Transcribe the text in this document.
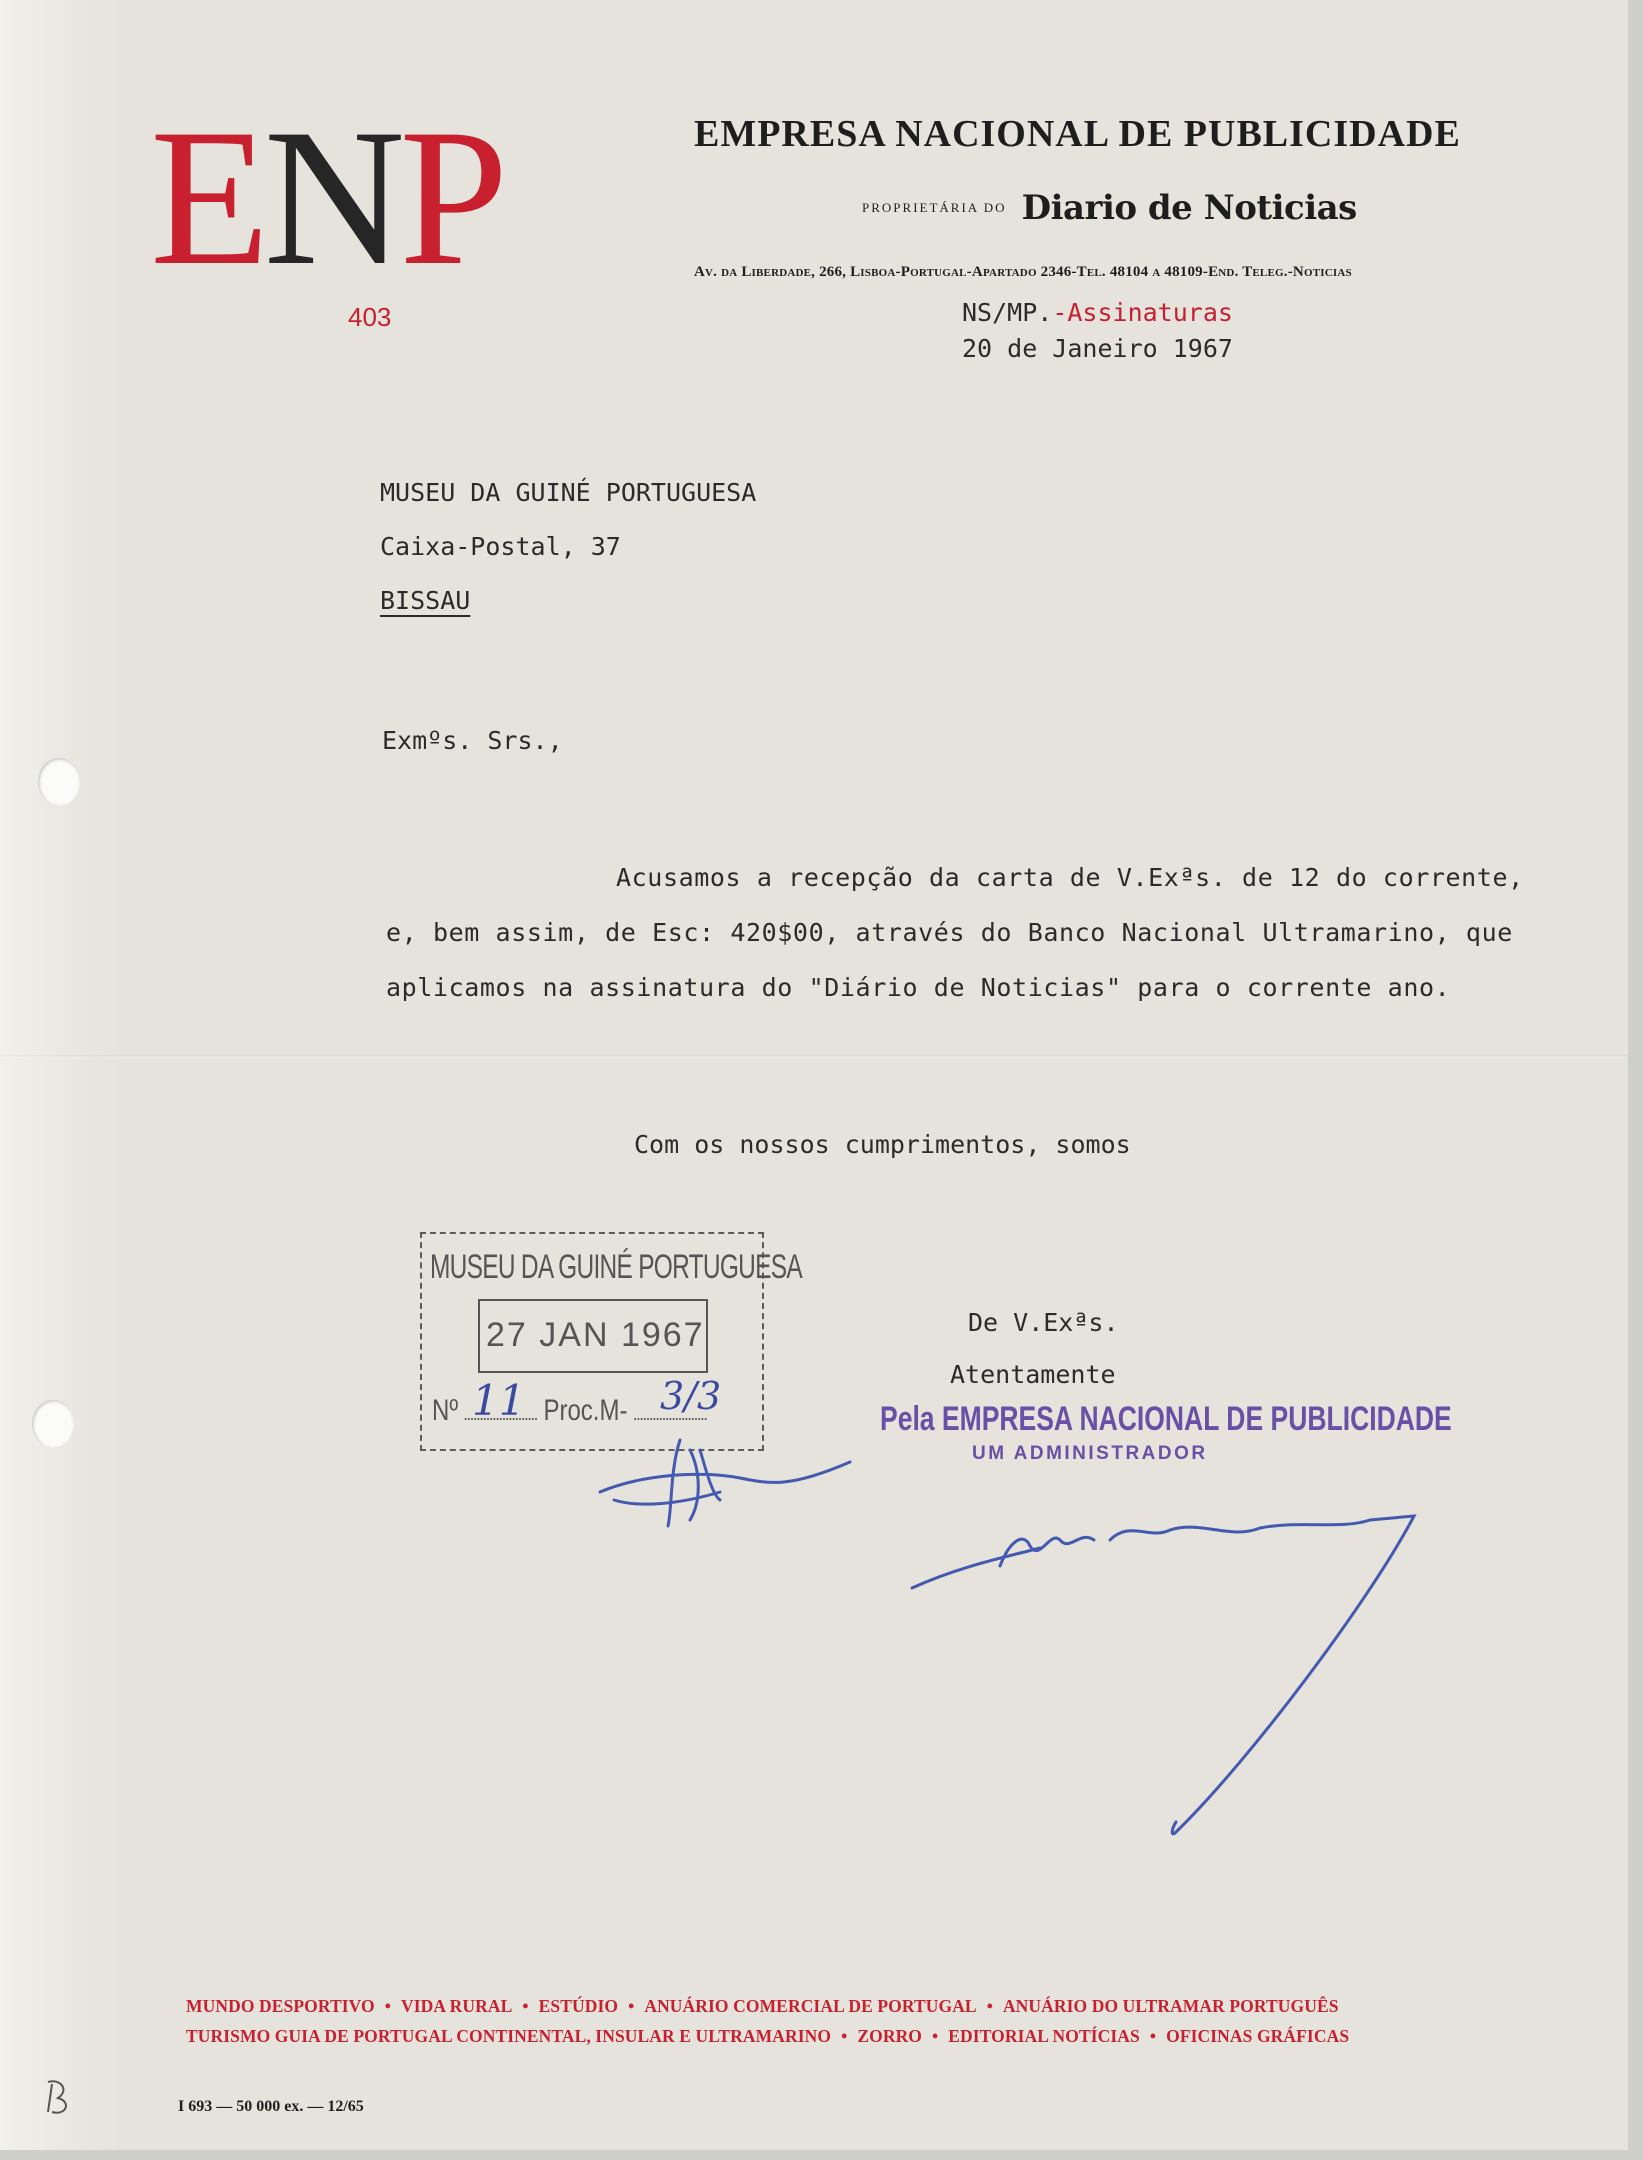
ENP
403
EMPRESA NACIONAL DE PUBLICIDADE
PROPRIETÁRIA DO Diario de Noticias
Av. da Liberdade, 266, Lisboa-Portugal-Apartado 2346-Tel. 48104 a 48109-End. Teleg.-Noticias
NS/MP.-Assinaturas
20 de Janeiro 1967
MUSEU DA GUINÉ PORTUGUESA
Caixa-Postal, 37
BISSAU
Exmºs. Srs.,
Acusamos a recepção da carta de V.Exªs. de 12 do corrente,
e, bem assim, de Esc: 420$00, através do Banco Nacional Ultramarino, que
aplicamos na assinatura do "Diário de Noticias" para o corrente ano.
Com os nossos cumprimentos, somos
MUSEU DA GUINÉ PORTUGUESA
27 JAN 1967
Nº	Proc.M-
11	3/3
De V.Exªs.
Atentamente
Pela EMPRESA NACIONAL DE PUBLICIDADE
UM ADMINISTRADOR
MUNDO DESPORTIVO • VIDA RURAL • ESTÚDIO • ANUÁRIO COMERCIAL DE PORTUGAL • ANUÁRIO DO ULTRAMAR PORTUGUÊS
TURISMO GUIA DE PORTUGAL CONTINENTAL, INSULAR E ULTRAMARINO • ZORRO • EDITORIAL NOTÍCIAS • OFICINAS GRÁFICAS
I 693 — 50 000 ex. — 12/65
